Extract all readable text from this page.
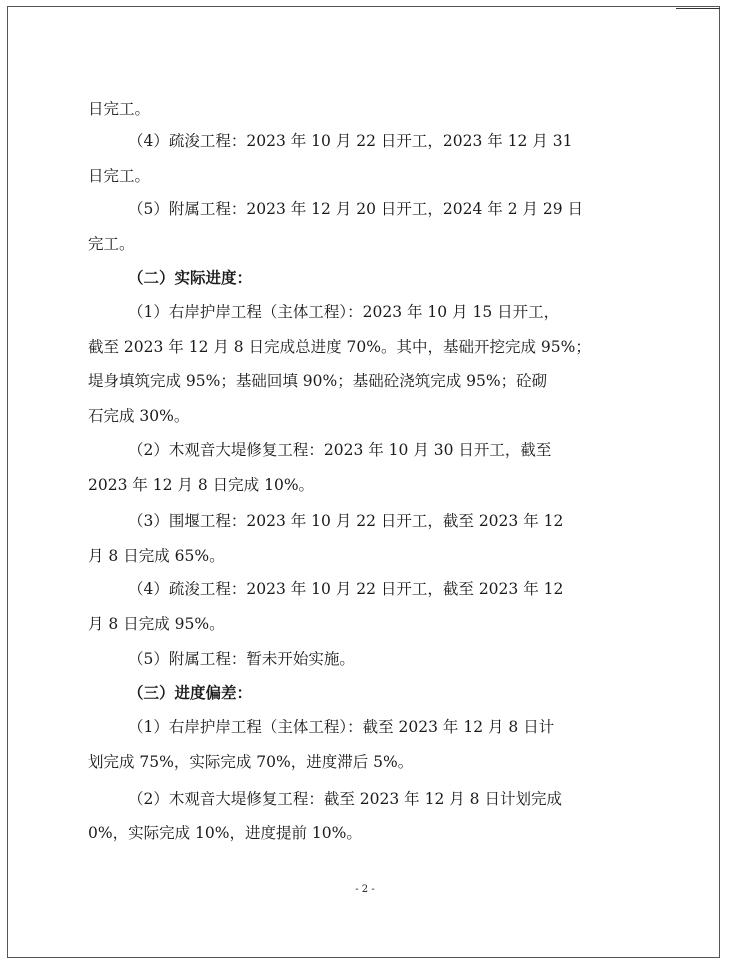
日完工。
（4）疏浚工程：2023 年 10 月 22 日开工，2023 年 12 月 31
日完工。
（5）附属工程：2023 年 12 月 20 日开工，2024 年 2 月 29 日
完工。
（二）实际进度：
（1）右岸护岸工程（主体工程）：2023 年 10 月 15 日开工，
截至 2023 年 12 月 8 日完成总进度 70%。其中，基础开挖完成 95%；
堤身填筑完成 95%；基础回填 90%；基础砼浇筑完成 95%；砼砌
石完成 30%。
（2）木观音大堤修复工程：2023 年 10 月 30 日开工，截至
2023 年 12 月 8 日完成 10%。
（3）围堰工程：2023 年 10 月 22 日开工，截至 2023 年 12
月 8 日完成 65%。
（4）疏浚工程：2023 年 10 月 22 日开工，截至 2023 年 12
月 8 日完成 95%。
（5）附属工程：暂未开始实施。
（三）进度偏差：
（1）右岸护岸工程（主体工程）：截至 2023 年 12 月 8 日计
划完成 75%，实际完成 70%，进度滞后 5%。
（2）木观音大堤修复工程：截至 2023 年 12 月 8 日计划完成
0%，实际完成 10%，进度提前 10%。
- 2 -
